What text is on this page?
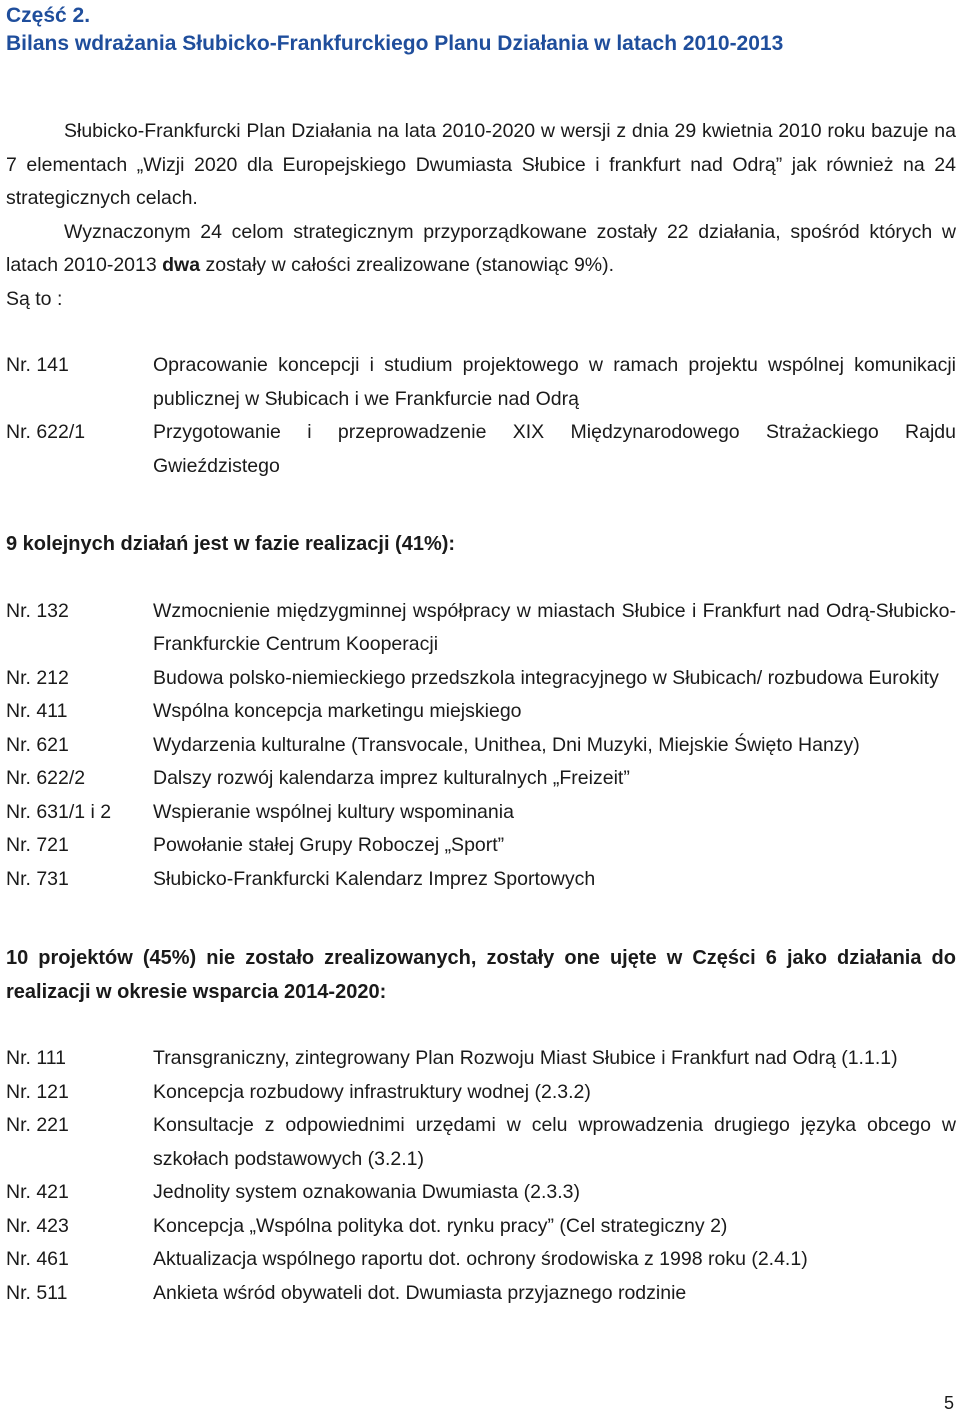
Część 2.
Bilans wdrażania Słubicko-Frankfurckiego Planu Działania w latach 2010-2013

Słubicko-Frankfurcki Plan Działania na lata 2010-2020 w wersji z dnia 29 kwietnia 2010 roku bazuje na 7 elementach „Wizji 2020 dla Europejskiego Dwumiasta Słubice i frankfurt nad Odrą” jak również na 24 strategicznych celach.

Wyznaczonym 24 celom strategicznym przyporządkowane zostały 22 działania, spośród których w latach 2010-2013 dwa zostały w całości zrealizowane (stanowiąc 9%).

Są to :

Nr. 141	Opracowanie koncepcji i studium projektowego w ramach projektu wspólnej komunikacji publicznej w Słubicach i we Frankfurcie nad Odrą
Nr. 622/1	Przygotowanie i przeprowadzenie XIX Międzynarodowego Strażackiego Rajdu Gwieździstego

9 kolejnych działań jest w fazie realizacji (41%):

Nr. 132	Wzmocnienie międzygminnej współpracy w miastach Słubice i Frankfurt nad Odrą-Słubicko-Frankfurckie Centrum Kooperacji
Nr. 212	Budowa polsko-niemieckiego przedszkola integracyjnego w Słubicach/ rozbudowa Eurokity
Nr. 411	Wspólna koncepcja marketingu miejskiego
Nr. 621	Wydarzenia kulturalne (Transvocale, Unithea, Dni Muzyki, Miejskie Święto Hanzy)
Nr. 622/2	Dalszy rozwój kalendarza imprez kulturalnych „Freizeit”
Nr. 631/1 i 2	Wspieranie wspólnej kultury wspominania
Nr. 721	Powołanie stałej Grupy Roboczej „Sport”
Nr. 731	Słubicko-Frankfurcki Kalendarz Imprez Sportowych

10 projektów (45%) nie zostało zrealizowanych, zostały one ujęte w Części 6 jako działania do realizacji w okresie wsparcia 2014-2020:

Nr. 111	Transgraniczny, zintegrowany Plan Rozwoju Miast Słubice i Frankfurt nad Odrą (1.1.1)
Nr. 121	Koncepcja rozbudowy infrastruktury wodnej (2.3.2)
Nr. 221	Konsultacje z odpowiednimi urzędami w celu wprowadzenia drugiego języka obcego w szkołach podstawowych (3.2.1)
Nr. 421	Jednolity system oznakowania Dwumiasta (2.3.3)
Nr. 423	Koncepcja „Wspólna polityka dot. rynku pracy” (Cel strategiczny 2)
Nr. 461	Aktualizacja wspólnego raportu dot. ochrony środowiska z 1998 roku (2.4.1)
Nr. 511	Ankieta wśród obywateli dot. Dwumiasta przyjaznego rodzinie
5
